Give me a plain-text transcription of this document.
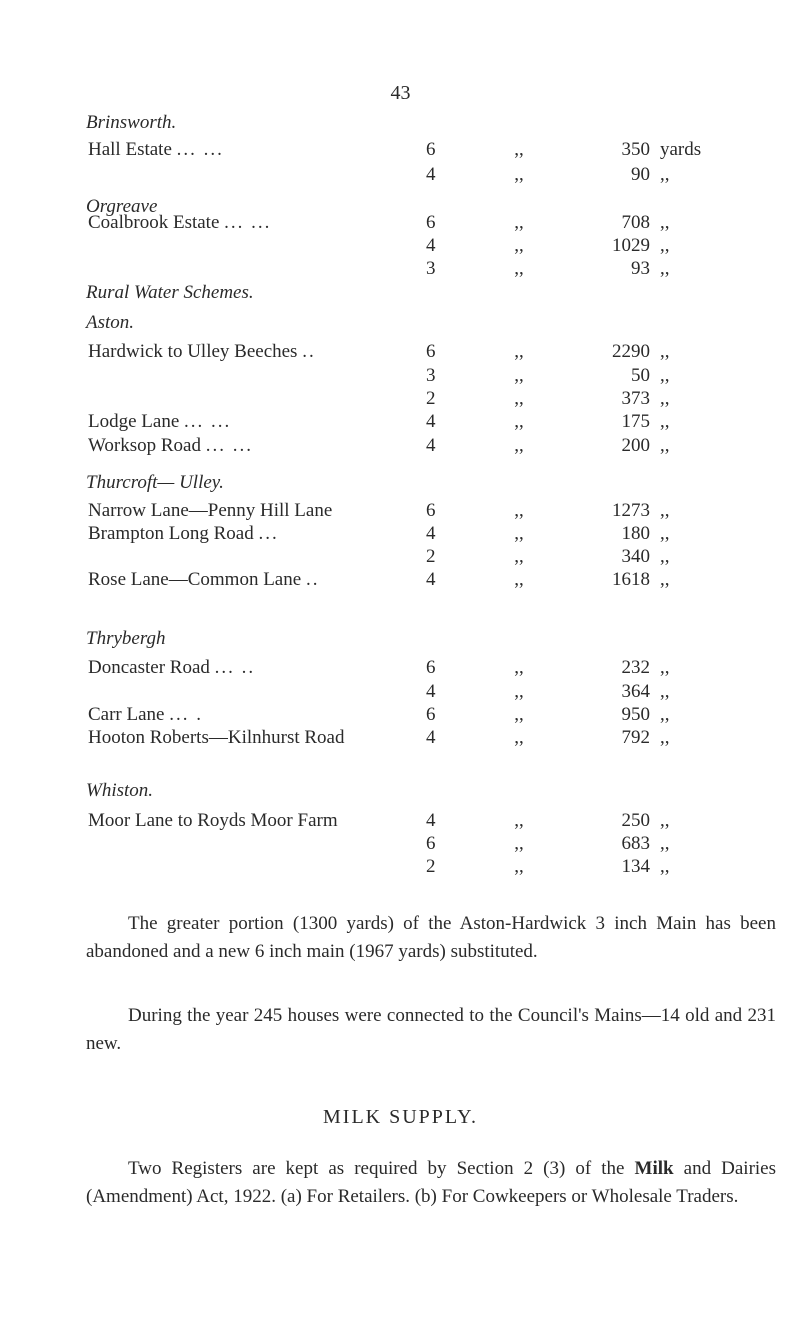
43
Brinsworth.
Orgreave
Rural Water Schemes.
Aston.
Thurcroft— Ulley.
Thrybergh
Whiston.
Hall Estate ... ...	6	,,	350 yards
4	,,	90 ,,
Coalbrook Estate ... ...	6	,,	708 ,,
4	,,	1029 ,,
3	,,	93 ,,
Hardwick to Ulley Beeches ..	6	,,	2290 ,,
3	,,	50 ,,
2	,,	373 ,,
Lodge Lane ... ...	4	,,	175 ,,
Worksop Road ... ...	4	,,	200 ,,
Narrow Lane—Penny Hill Lane	6	,,	1273 ,,
Brampton Long Road ...	4	,,	180 ,,
2	,,	340 ,,
Rose Lane—Common Lane ..	4	,,	1618 ,,
Doncaster Road ... ..	6	,,	232 ,,
4	,,	364 ,,
Carr Lane ... .	6	,,	950 ,,
Hooton Roberts—Kilnhurst Road	4	,,	792 ,,
Moor Lane to Royds Moor Farm	4	,,	250 ,,
6	,,	683 ,,
2	,,	134 ,,
The greater portion (1300 yards) of the Aston-Hardwick 3 inch Main has been abandoned and a new 6 inch main (1967 yards) substituted.
During the year 245 houses were connected to the Council's Mains—14 old and 231 new.
MILK SUPPLY.
Two Registers are kept as required by Section 2 (3) of the Milk and Dairies (Amendment) Act, 1922. (a) For Retailers. (b) For Cowkeepers or Wholesale Traders.
